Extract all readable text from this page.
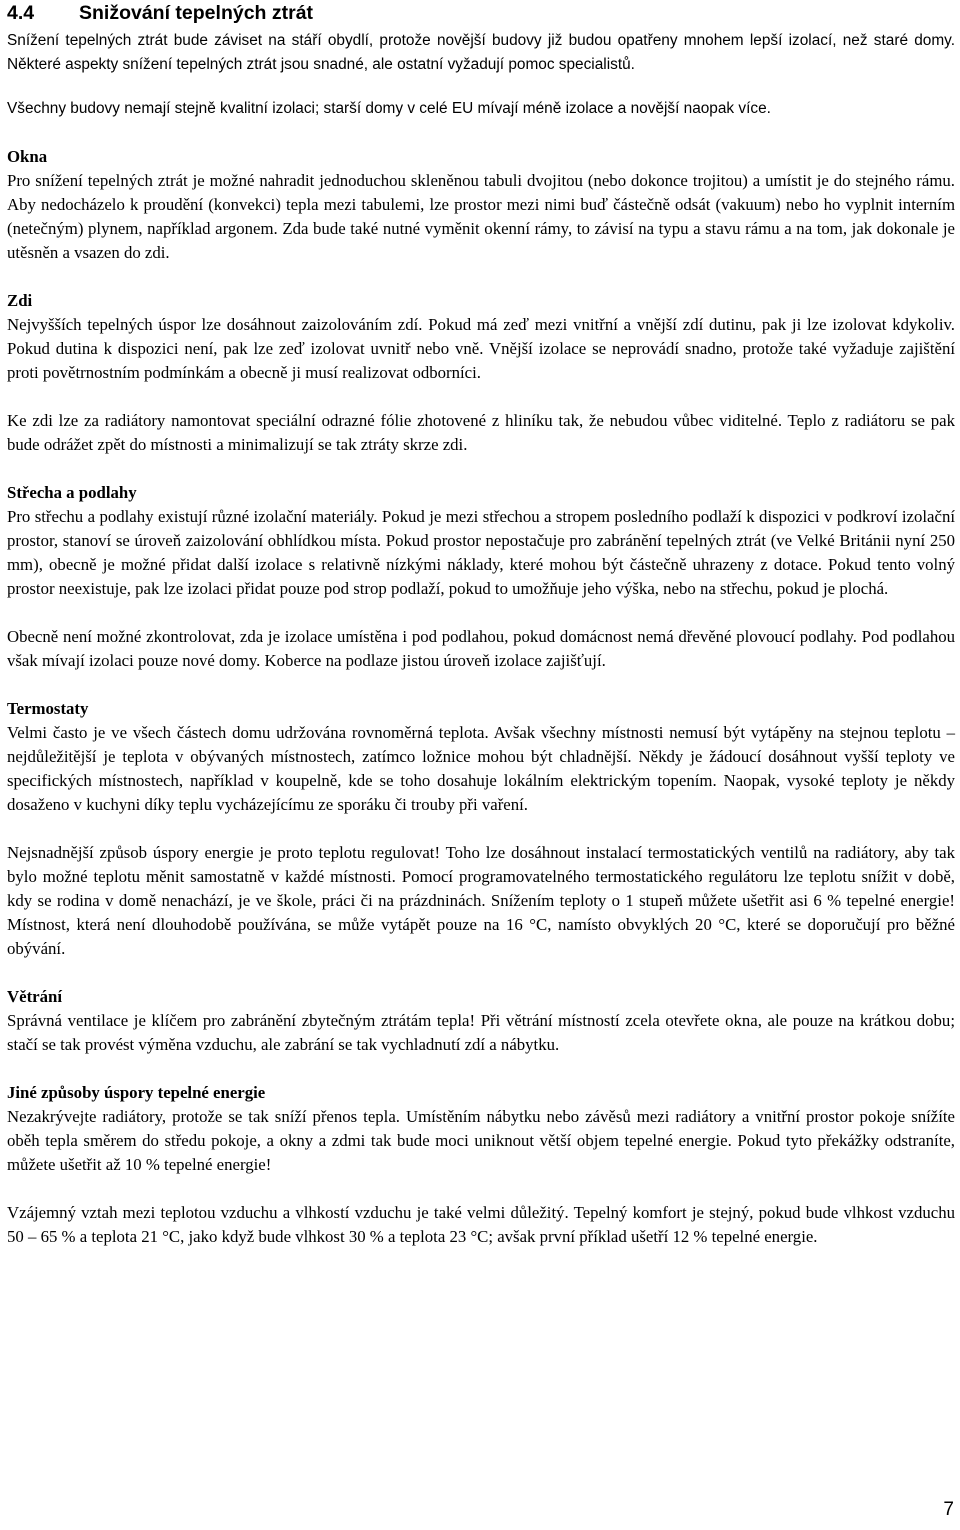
4.4 Snižování tepelných ztrát

Snížení tepelných ztrát bude záviset na stáří obydlí, protože novější budovy již budou opatřeny mnohem lepší izolací, než staré domy. Některé aspekty snížení tepelných ztrát jsou snadné, ale ostatní vyžadují pomoc specialistů.

Všechny budovy nemají stejně kvalitní izolaci; starší domy v celé EU mívají méně izolace a novější naopak více.

Okna

Pro snížení tepelných ztrát je možné nahradit jednoduchou skleněnou tabuli dvojitou (nebo dokonce trojitou) a umístit je do stejného rámu. Aby nedocházelo k proudění (konvekci) tepla mezi tabulemi, lze prostor mezi nimi buď částečně odsát (vakuum) nebo ho vyplnit interním (netečným) plynem, například argonem. Zda bude také nutné vyměnit okenní rámy, to závisí na typu a stavu rámu a na tom, jak dokonale je utěsněn a vsazen do zdi.

Zdi

Nejvyšších tepelných úspor lze dosáhnout zaizolováním zdí. Pokud má zeď mezi vnitřní a vnější zdí dutinu, pak ji lze izolovat kdykoliv. Pokud dutina k dispozici není, pak lze zeď izolovat uvnitř nebo vně. Vnější izolace se neprovádí snadno, protože také vyžaduje zajištění proti povětrnostním podmínkám a obecně ji musí realizovat odborníci.

Ke zdi lze za radiátory namontovat speciální odrazné fólie zhotovené z hliníku tak, že nebudou vůbec viditelné. Teplo z radiátoru se pak bude odrážet zpět do místnosti a minimalizují se tak ztráty skrze zdi.

Střecha a podlahy

Pro střechu a podlahy existují různé izolační materiály. Pokud je mezi střechou a stropem posledního podlaží k dispozici v podkroví izolační prostor, stanoví se úroveň zaizolování obhlídkou místa. Pokud prostor nepostačuje pro zabránění tepelných ztrát (ve Velké Británii nyní 250 mm), obecně je možné přidat další izolace s relativně nízkými náklady, které mohou být částečně uhrazeny z dotace. Pokud tento volný prostor neexistuje, pak lze izolaci přidat pouze pod strop podlaží, pokud to umožňuje jeho výška, nebo na střechu, pokud je plochá.

Obecně není možné zkontrolovat, zda je izolace umístěna i pod podlahou, pokud domácnost nemá dřevěné plovoucí podlahy. Pod podlahou však mívají izolaci pouze nové domy. Koberce na podlaze jistou úroveň izolace zajišťují.

Termostaty

Velmi často je ve všech částech domu udržována rovnoměrná teplota. Avšak všechny místnosti nemusí být vytápěny na stejnou teplotu – nejdůležitější je teplota v obývaných místnostech, zatímco ložnice mohou být chladnější. Někdy je žádoucí dosáhnout vyšší teploty ve specifických místnostech, například v koupelně, kde se toho dosahuje lokálním elektrickým topením. Naopak, vysoké teploty je někdy dosaženo v kuchyni díky teplu vycházejícímu ze sporáku či trouby při vaření.

Nejsnadnější způsob úspory energie je proto teplotu regulovat! Toho lze dosáhnout instalací termostatických ventilů na radiátory, aby tak bylo možné teplotu měnit samostatně v každé místnosti. Pomocí programovatelného termostatického regulátoru lze teplotu snížit v době, kdy se rodina v domě nenachází, je ve škole, práci či na prázdninách. Snížením teploty o 1 stupeň můžete ušetřit asi 6 % tepelné energie! Místnost, která není dlouhodobě používána, se může vytápět pouze na 16 °C, namísto obvyklých 20 °C, které se doporučují pro běžné obývání.

Větrání

Správná ventilace je klíčem pro zabránění zbytečným ztrátám tepla! Při větrání místností zcela otevřete okna, ale pouze na krátkou dobu; stačí se tak provést výměna vzduchu, ale zabrání se tak vychladnutí zdí a nábytku.

Jiné způsoby úspory tepelné energie

Nezakrývejte radiátory, protože se tak sníží přenos tepla. Umístěním nábytku nebo závěsů mezi radiátory a vnitřní prostor pokoje snížíte oběh tepla směrem do středu pokoje, a okny a zdmi tak bude moci uniknout větší objem tepelné energie. Pokud tyto překážky odstraníte, můžete ušetřit až 10 % tepelné energie!

Vzájemný vztah mezi teplotou vzduchu a vlhkostí vzduchu je také velmi důležitý. Tepelný komfort je stejný, pokud bude vlhkost vzduchu 50 – 65 % a teplota 21 °C, jako když bude vlhkost 30 % a teplota 23 °C; avšak první příklad ušetří 12 % tepelné energie.

7
